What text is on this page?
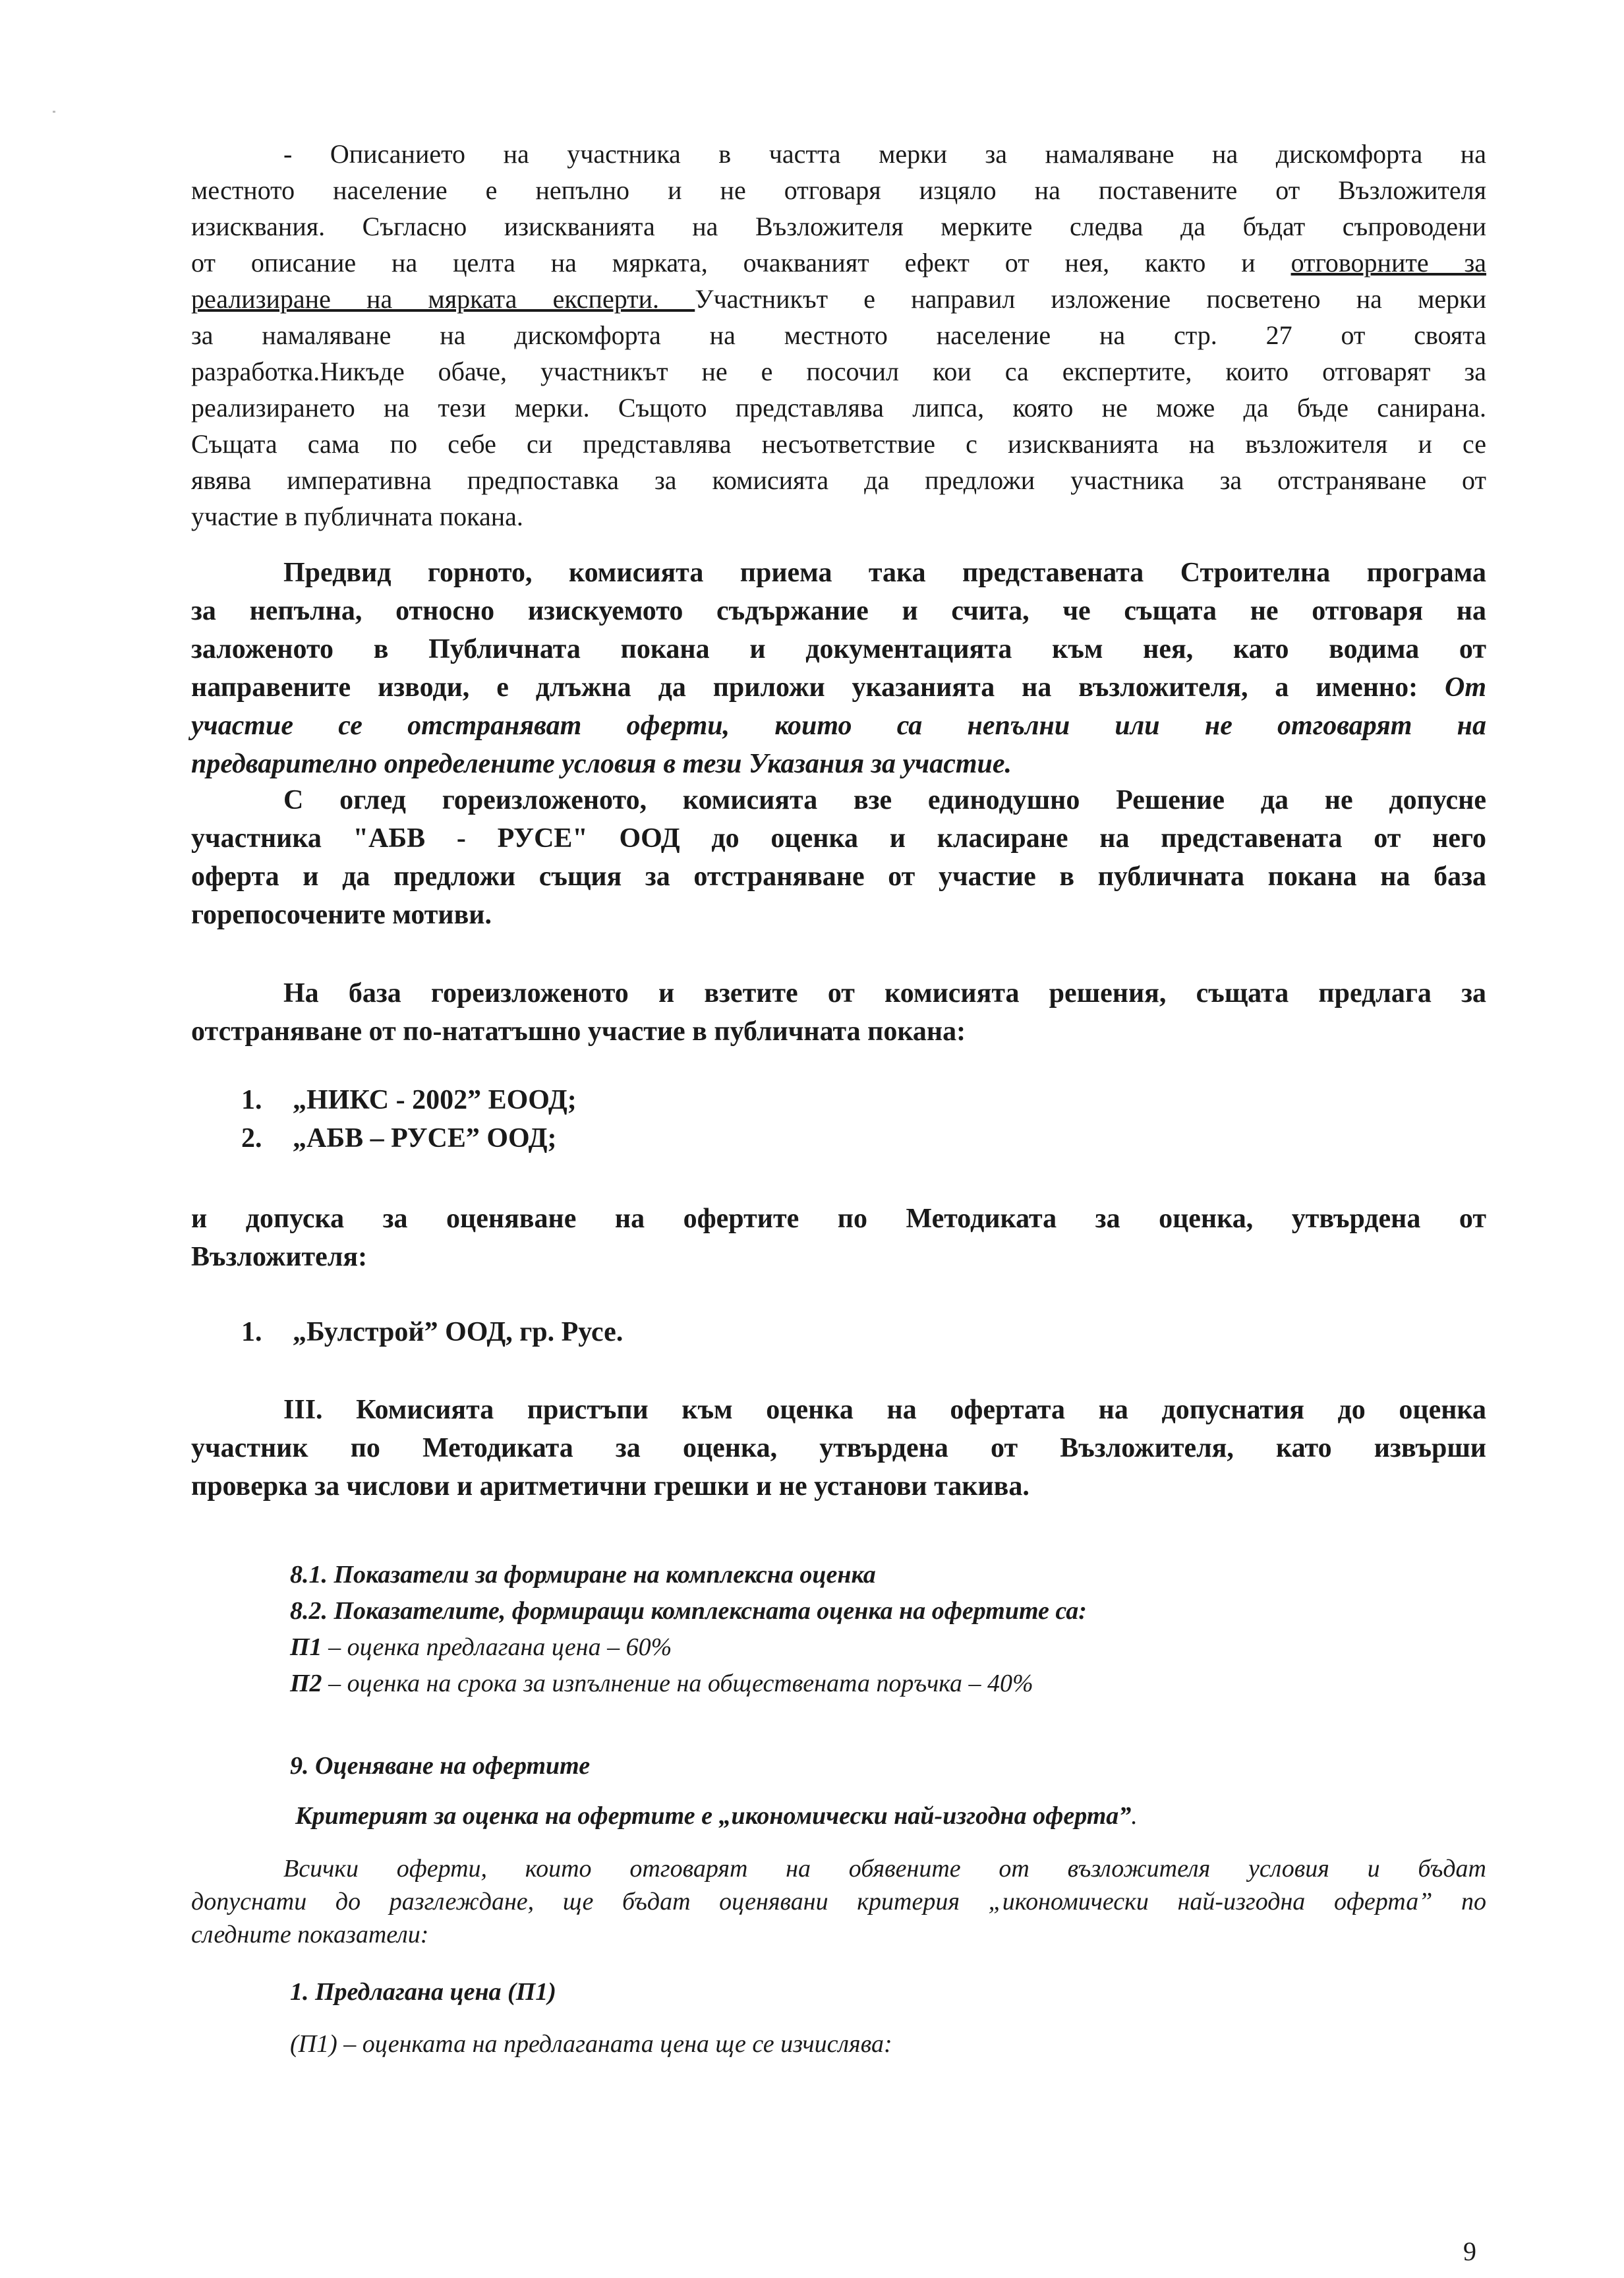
- Описанието на участника в частта мерки за намаляване на дискомфорта на
местното население е непълно и не отговаря изцяло на поставените от Възложителя
изисквания. Съгласно изискванията на Възложителя мерките следва да бъдат съпроводени
от описание на целта на мярката, очакваният ефект от нея, както и отговорните за
реализиране на мярката експерти. Участникът е направил изложение посветено на мерки
за намаляване на дискомфорта на местното население на стр. 27 от своята
разработка.Никъде обаче, участникът не е посочил кои са експертите, които отговарят за
реализирането на тези мерки. Същото представлява липса, която не може да бъде санирана.
Същата сама по себе си представлява несъответствие с изискванията на възложителя и се
явява императивна предпоставка за комисията да предложи участника за отстраняване от
участие в публичната покана.
Предвид горното, комисията приема така представената Строителна програма
за непълна, относно изискуемото съдържание и счита, че същата не отговаря на
заложеното в Публичната покана и документацията към нея, като водима от
направените изводи, е длъжна да приложи указанията на възложителя, а именно: От
участие се отстраняват оферти, които са непълни или не отговарят на
предварително определените условия в тези Указания за участие.
С оглед гореизложеното, комисията взе единодушно Решение да не допусне
участника "АБВ - РУСЕ" ООД до оценка и класиране на представената от него
оферта и да предложи същия за отстраняване от участие в публичната покана на база
горепосочените мотиви.
На база гореизложеното и взетите от комисията решения, същата предлага за
отстраняване от по-нататъшно участие в публичната покана:
1. „НИКС - 2002” ЕООД;
2. „АБВ – РУСЕ” ООД;
и допуска за оценяване на офертите по Методиката за оценка, утвърдена от
Възложителя:
1. „Булстрой” ООД, гр. Русе.
III. Комисията пристъпи към оценка на офертата на допуснатия до оценка
участник по Методиката за оценка, утвърдена от Възложителя, като извърши
проверка за числови и аритметични грешки и не установи такива.
8.1. Показатели за формиране на комплексна оценка
8.2. Показателите, формиращи комплексната оценка на офертите са:
П1 – оценка предлагана цена – 60%
П2 – оценка на срока за изпълнение на обществената поръчка – 40%
9. Оценяване на офертите
Критерият за оценка на офертите е „икономически най-изгодна оферта”.
Всички оферти, които отговарят на обявените от възложителя условия и бъдат
допуснати до разглеждане, ще бъдат оценявани критерия „икономически най-изгодна оферта” по
следните показатели:
1. Предлагана цена (П1)
(П1) – оценката на предлаганата цена ще се изчислява:
9
